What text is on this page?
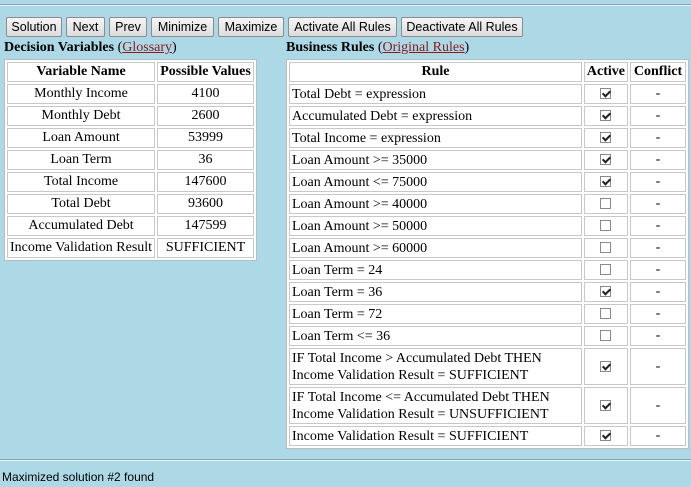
Solution	Next	Prev	Minimize	Maximize	Activate All Rules	Deactivate All Rules
Decision Variables (Glossary)	Business Rules (Original Rules)
Variable Name	Possible Values
Monthly Income	4100
Monthly Debt	2600
Loan Amount	53999
Loan Term	36
Total Income	147600
Total Debt	93600
Accumulated Debt	147599
Income Validation Result	SUFFICIENT
Rule	Active	Conflict

Total Debt = expression		-

Accumulated Debt = expression		-

Total Income = expression		-

Loan Amount >= 35000		-

Loan Amount <= 75000		-

Loan Amount >= 40000		-

Loan Amount >= 50000		-

Loan Amount >= 60000		-

Loan Term = 24		-

Loan Term = 36		-

Loan Term = 72		-

Loan Term <= 36		-

IF Total Income > Accumulated Debt THEN
Income Validation Result = SUFFICIENT		-

IF Total Income <= Accumulated Debt THEN
Income Validation Result = UNSUFFICIENT		-

Income Validation Result = SUFFICIENT		-
Maximized solution #2 found
